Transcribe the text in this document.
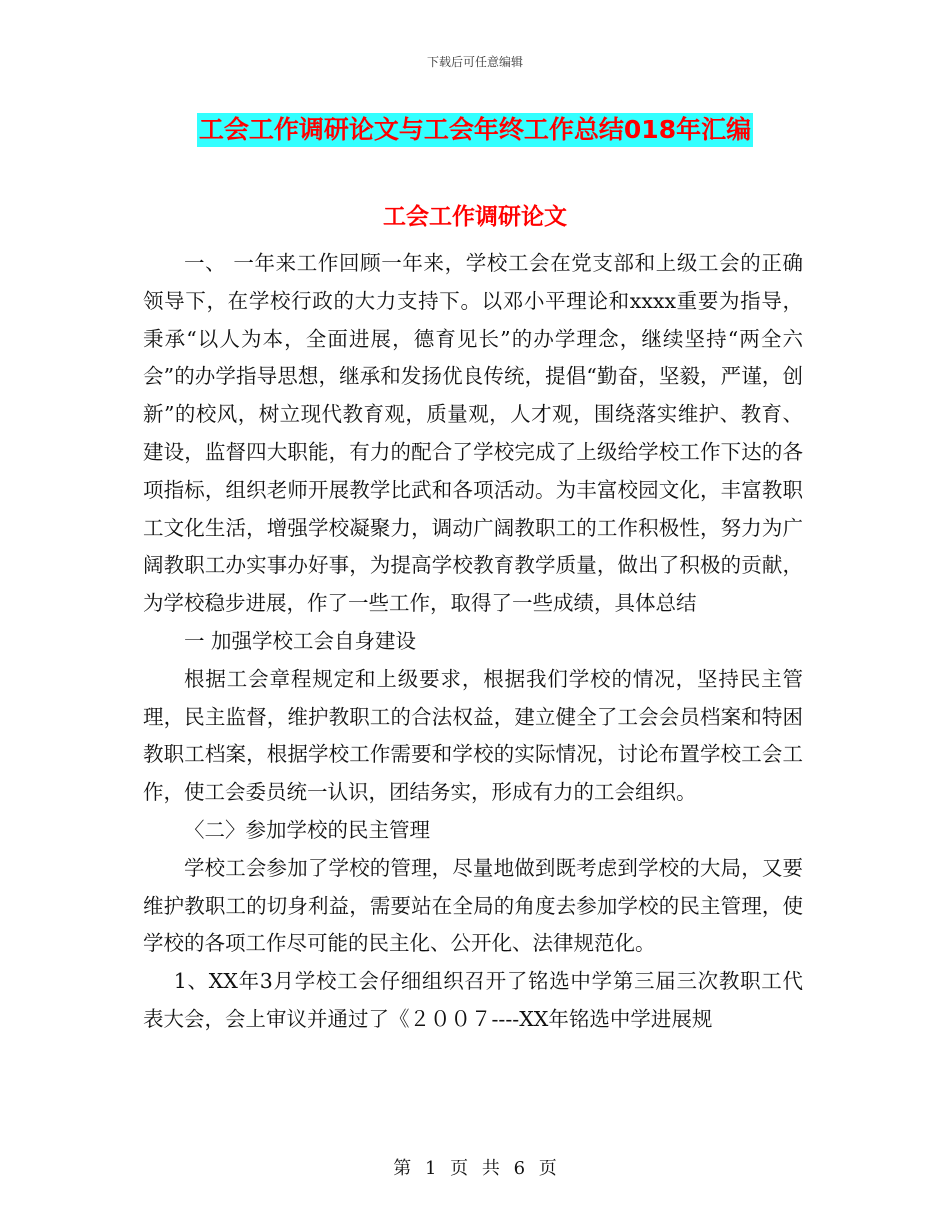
下载后可任意编辑
工会工作调研论文与工会年终工作总结018年汇编
工会工作调研论文

一、 一年来工作回顾一年来，学校工会在党支部和上级工会的正确领导下，在学校行政的大力支持下。以邓小平理论和xxxx重要为指导，秉承“以人为本，全面进展，德育见长”的办学理念，继续坚持“两全六会”的办学指导思想，继承和发扬优良传统，提倡“勤奋，坚毅，严谨，创新”的校风，树立现代教育观，质量观，人才观，围绕落实维护、教育、建设，监督四大职能，有力的配合了学校完成了上级给学校工作下达的各项指标，组织老师开展教学比武和各项活动。为丰富校园文化，丰富教职工文化生活，增强学校凝聚力，调动广阔教职工的工作积极性，努力为广阔教职工办实事办好事，为提高学校教育教学质量，做出了积极的贡献，为学校稳步进展，作了一些工作，取得了一些成绩，具体总结

一 加强学校工会自身建设

根据工会章程规定和上级要求，根据我们学校的情况，坚持民主管理，民主监督，维护教职工的合法权益，建立健全了工会会员档案和特困教职工档案，根据学校工作需要和学校的实际情况，讨论布置学校工会工作，使工会委员统一认识，团结务实，形成有力的工会组织。

〈二〉参加学校的民主管理

学校工会参加了学校的管理，尽量地做到既考虑到学校的大局，又要维护教职工的切身利益，需要站在全局的角度去参加学校的民主管理，使学校的各项工作尽可能的民主化、公开化、法律规范化。

1、XX年3月学校工会仔细组织召开了铭选中学第三届三次教职工代表大会，会上审议并通过了《２００７----XX年铭选中学进展规

第 1 页 共 6 页
